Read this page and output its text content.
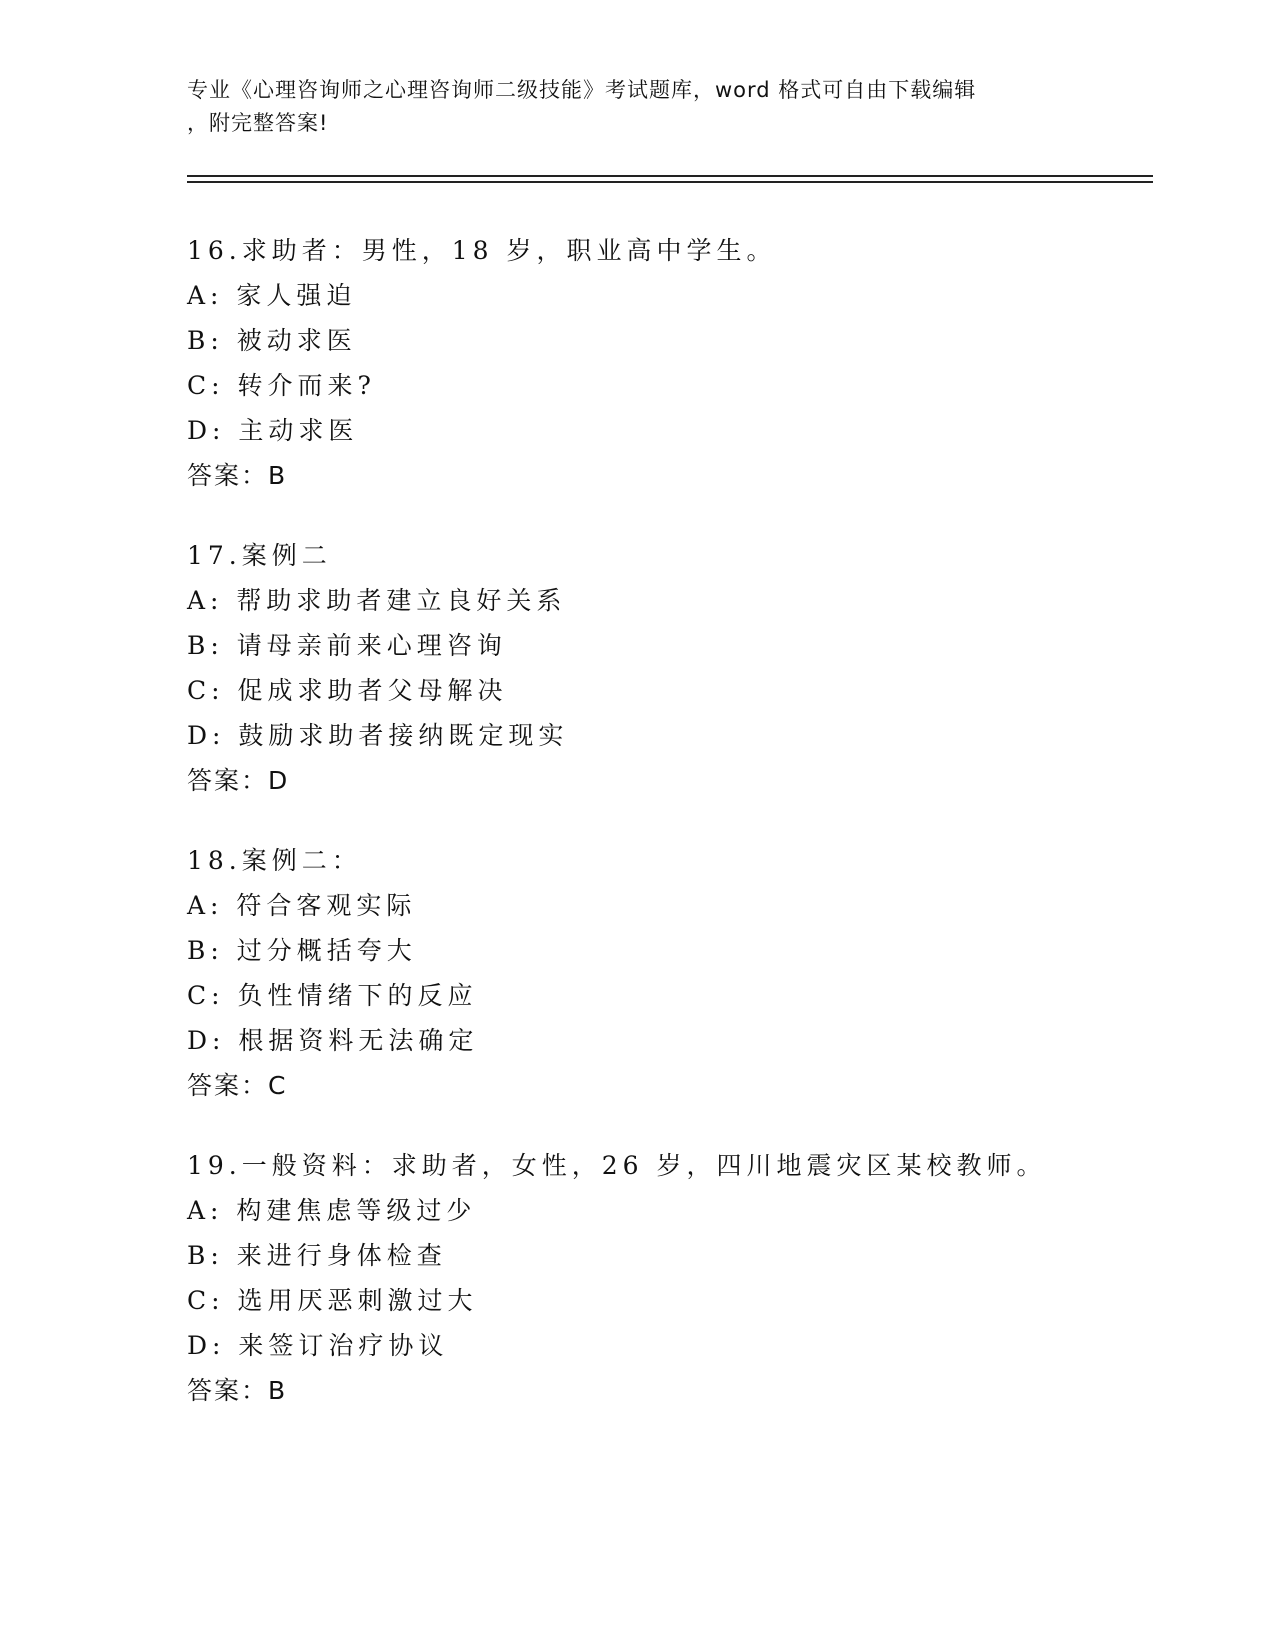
专业《心理咨询师之心理咨询师二级技能》考试题库，word 格式可自由下载编辑
，附完整答案!
16.求助者：男性，18 岁，职业高中学生。
A: 家人强迫
B: 被动求医
C: 转介而来?
D: 主动求医
答案：B
17.案例二
A: 帮助求助者建立良好关系
B: 请母亲前来心理咨询
C: 促成求助者父母解决
D: 鼓励求助者接纳既定现实
答案：D
18.案例二：
A: 符合客观实际
B: 过分概括夸大
C: 负性情绪下的反应
D: 根据资料无法确定
答案：C
19.一般资料：求助者，女性，26 岁，四川地震灾区某校教师。
A: 构建焦虑等级过少
B: 来进行身体检查
C: 选用厌恶刺激过大
D: 来签订治疗协议
答案：B
